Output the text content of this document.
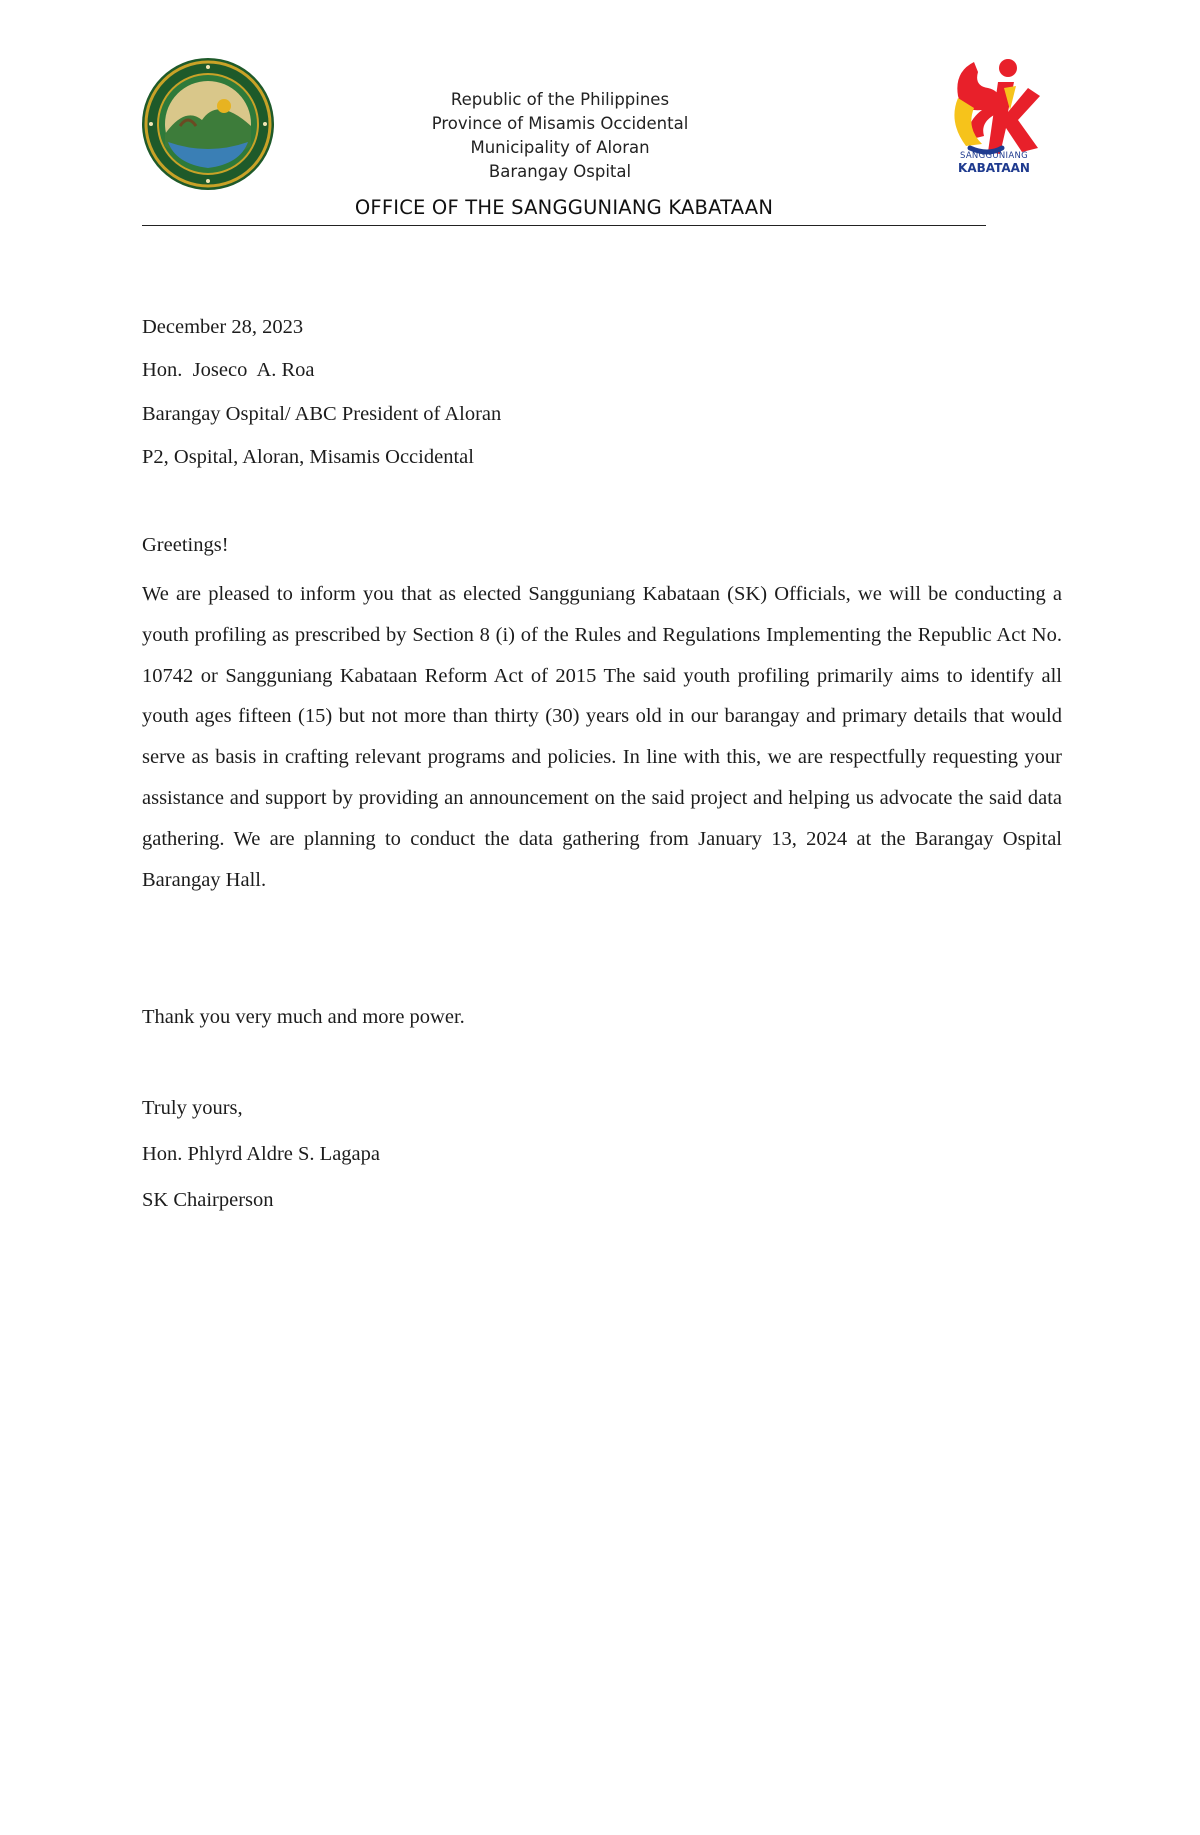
SANGGUNIANG
KABATAAN
Republic of the Philippines
Province of Misamis Occidental
Municipality of Aloran
Barangay Ospital
OFFICE OF THE SANGGUNIANG KABATAAN
December 28, 2023
Hon.  Joseco  A. Roa
Barangay Ospital/ ABC President of Aloran
P2, Ospital, Aloran, Misamis Occidental
Greetings!
We are pleased to inform you that as elected Sangguniang Kabataan (SK) Officials, we will be conducting a youth profiling as prescribed by Section 8 (i) of the Rules and Regulations Implementing the Republic Act No. 10742 or Sangguniang Kabataan Reform Act of 2015 The said youth profiling primarily aims to identify all youth ages fifteen (15) but not more than thirty (30) years old in our barangay and primary details that would serve as basis in crafting relevant programs and policies. In line with this, we are respectfully requesting your assistance and support by providing an announcement on the said project and helping us advocate the said data gathering. We are planning to conduct the data gathering from January 13, 2024 at the Barangay Ospital Barangay Hall.
Thank you very much and more power.
Truly yours,
Hon. Phlyrd Aldre S. Lagapa
SK Chairperson
